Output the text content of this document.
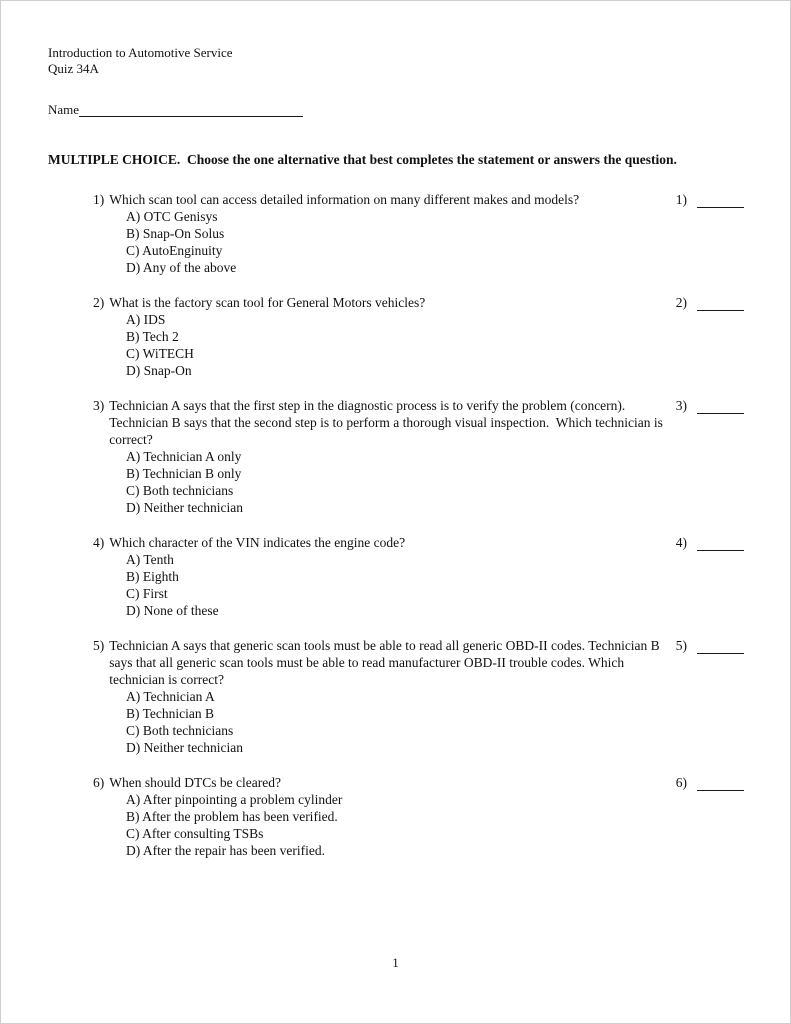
Introduction to Automotive Service
Quiz 34A
Name
MULTIPLE CHOICE.  Choose the one alternative that best completes the statement or answers the question.
1) Which scan tool can access detailed information on many different makes and models?	1)
A) OTC Genisys
B) Snap-On Solus
C) AutoEnginuity
D) Any of the above
2) What is the factory scan tool for General Motors vehicles?	2)
A) IDS
B) Tech 2
C) WiTECH
D) Snap-On
3) Technician A says that the first step in the diagnostic process is to verify the problem (concern). Technician B says that the second step is to perform a thorough visual inspection.  Which technician is correct?
3)
A) Technician A only
B) Technician B only
C) Both technicians
D) Neither technician
4) Which character of the VIN indicates the engine code?	4)
A) Tenth
B) Eighth
C) First
D) None of these
5) Technician A says that generic scan tools must be able to read all generic OBD-II codes. Technician B says that all generic scan tools must be able to read manufacturer OBD-II trouble codes. Which technician is correct?
5)
A) Technician A
B) Technician B
C) Both technicians
D) Neither technician
6) When should DTCs be cleared?	6)
A) After pinpointing a problem cylinder
B) After the problem has been verified.
C) After consulting TSBs
D) After the repair has been verified.
1
